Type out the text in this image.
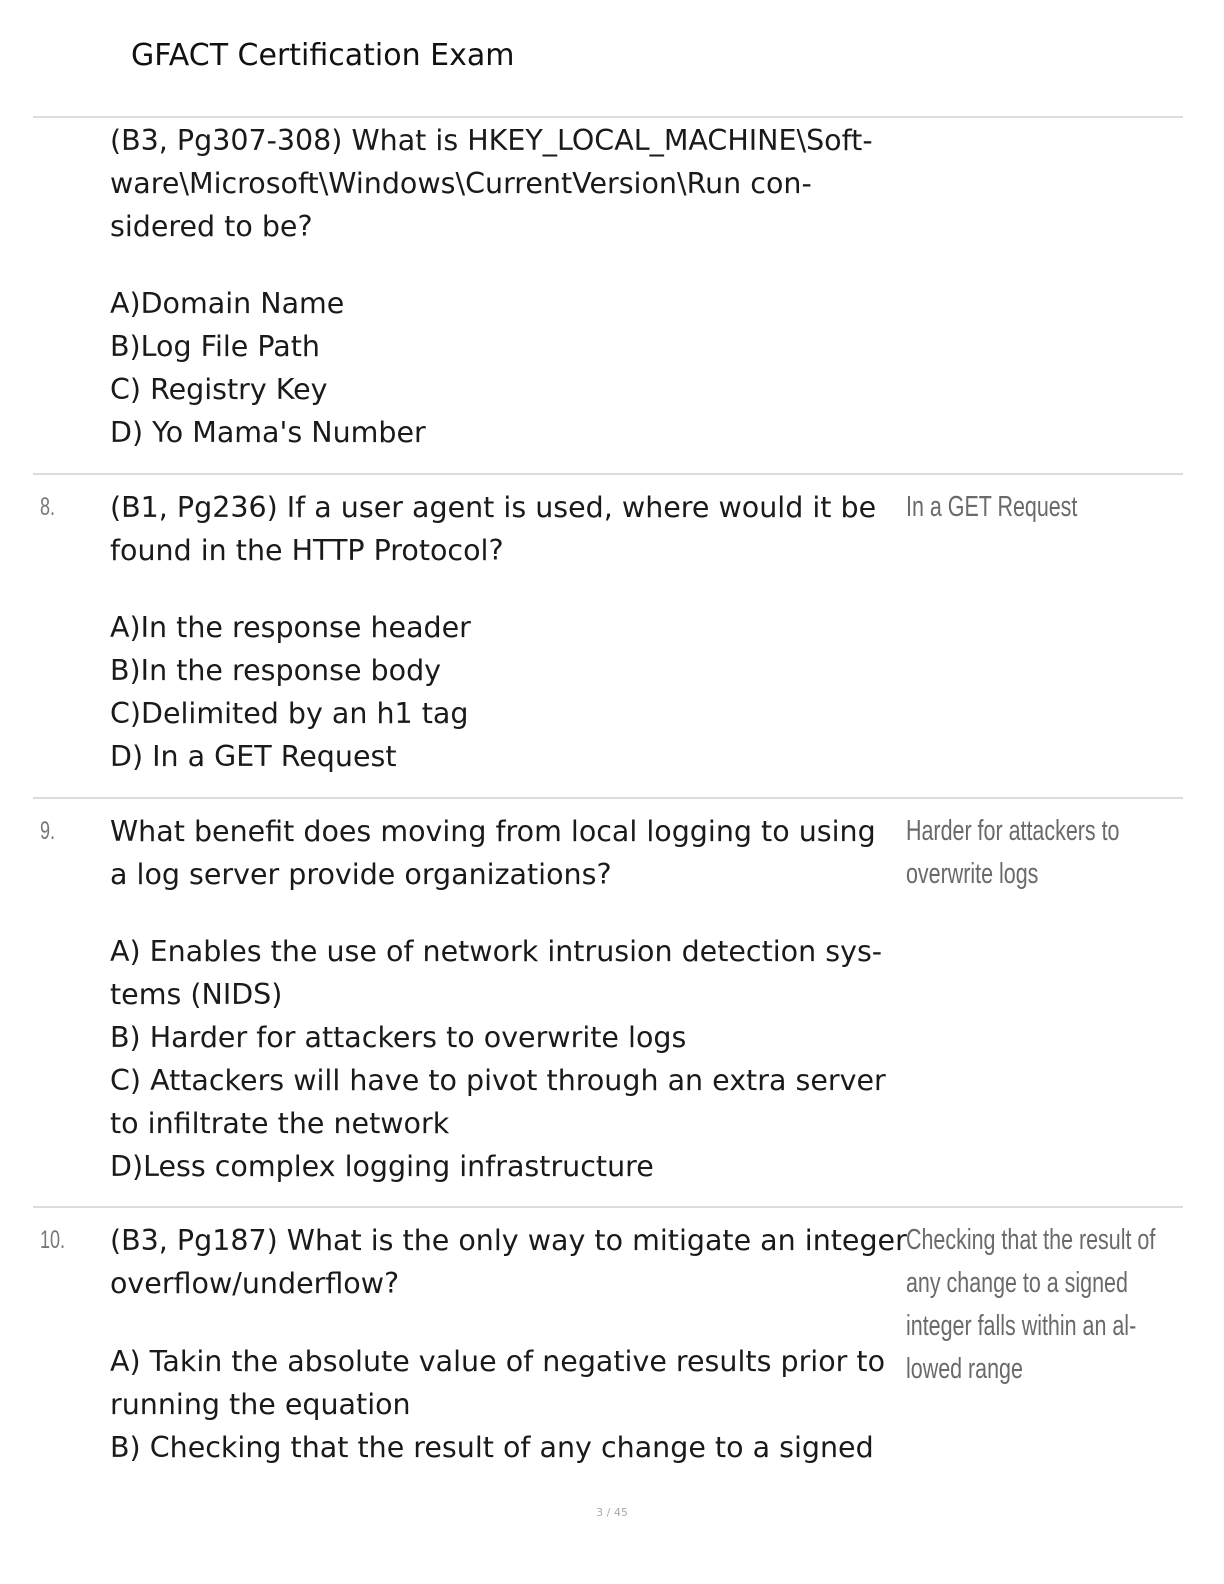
GFACT Certification Exam
(B3, Pg307-308) What is HKEY_LOCAL_MACHINE\Soft-
ware\Microsoft\Windows\CurrentVersion\Run con-
sidered to be?
A)Domain Name
B)Log File Path
C) Registry Key
D) Yo Mama's Number
8. (B1, Pg236) If a user agent is used, where would it be
found in the HTTP Protocol?
In a GET Request
A)In the response header
B)In the response body
C)Delimited by an h1 tag
D) In a GET Request
9. What benefit does moving from local logging to using
a log server provide organizations?
Harder for attackers to
overwrite logs
A) Enables the use of network intrusion detection sys-
tems (NIDS)
B) Harder for attackers to overwrite logs
C) Attackers will have to pivot through an extra server
to infiltrate the network
D)Less complex logging infrastructure
10. (B3, Pg187) What is the only way to mitigate an integer
overflow/underflow?
Checking that the result of
any change to a signed
integer falls within an al-
lowed range
A) Takin the absolute value of negative results prior to
running the equation
B) Checking that the result of any change to a signed
3 / 45
